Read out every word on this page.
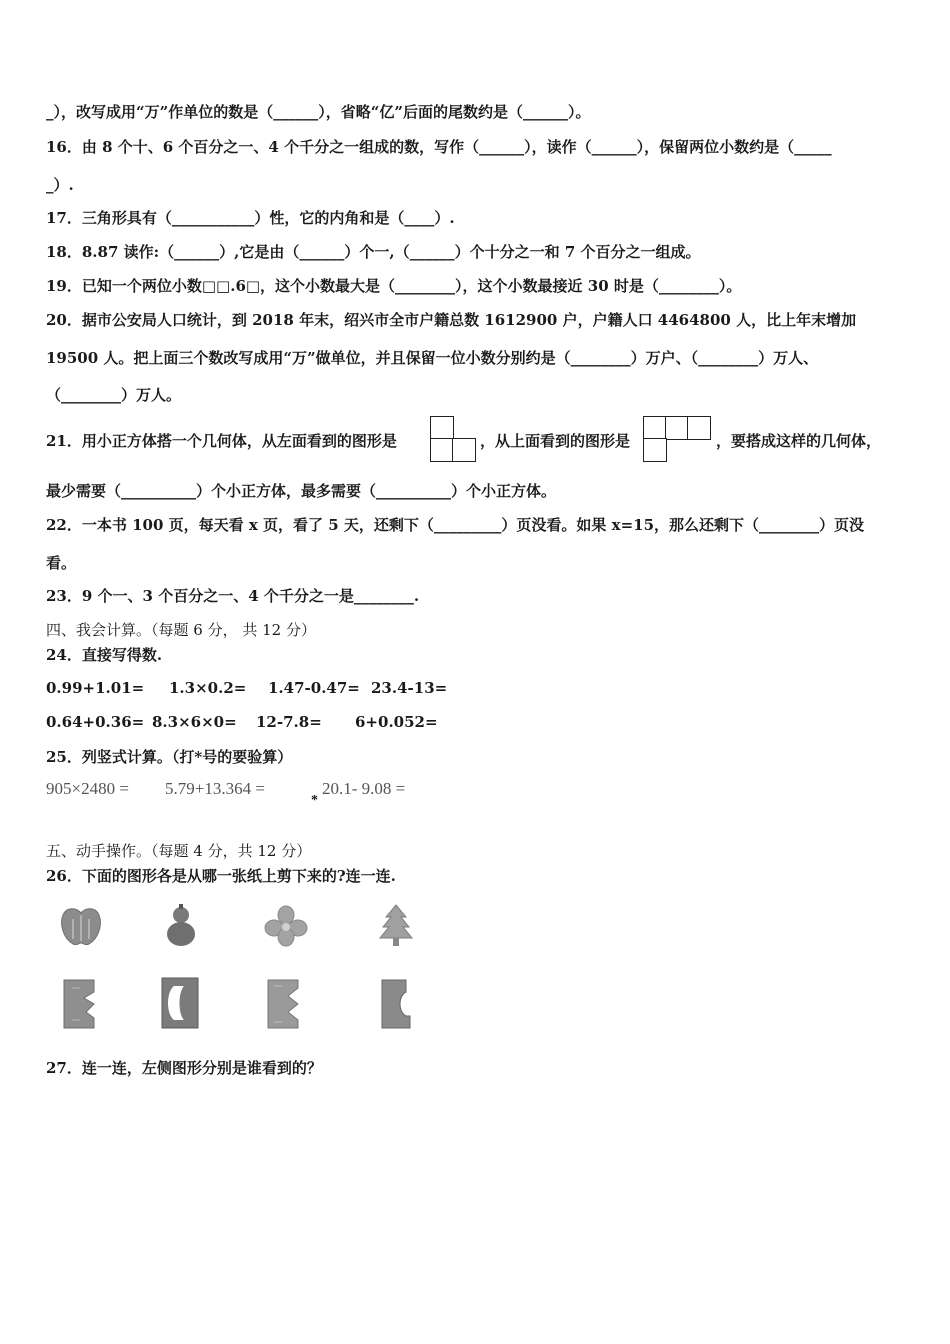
_），改写成用“万”作单位的数是（______），省略“亿”后面的尾数约是（______）。
16．由 8 个十、6 个百分之一、4 个千分之一组成的数，写作（______），读作（______），保留两位小数约是（_____
_）.
17．三角形具有（___________）性，它的内角和是（____）.
18．8.87 读作:（______）,它是由（______）个一,（______）个十分之一和 7 个百分之一组成。
19．已知一个两位小数□□.6□，这个小数最大是（________），这个小数最接近 30 时是（________）。
20．据市公安局人口统计，到 2018 年末，绍兴市全市户籍总数 1612900 户，户籍人口 4464800 人，比上年末增加
19500 人。把上面三个数改写成用“万”做单位，并且保留一位小数分别约是（________）万户、（________）万人、
（________）万人。
21．用小正方体搭一个几何体，从左面看到的图形是	，从上面看到的图形是	，要搭成这样的几何体，
最少需要（__________）个小正方体，最多需要（__________）个小正方体。
22．一本书 100 页，每天看 x 页，看了 5 天，还剩下（_________）页没看。如果 x=15，那么还剩下（________）页没
看。
23．9 个一、3 个百分之一、4 个千分之一是________.
四、我会计算。（每题 6 分， 共 12 分）
24．直接写得数.
0.99+1.01= 1.3×0.2= 1.47-0.47= 23.4-13=
0.64+0.36= 8.3×6×0= 12-7.8= 6+0.052=
25．列竖式计算。（打*号的要验算）
905×2480 = 5.79+13.364 =
*
20.1- 9.08 =
五、动手操作。（每题 4 分，共 12 分）
26．下面的图形各是从哪一张纸上剪下来的?连一连.
27．连一连，左侧图形分别是谁看到的？
